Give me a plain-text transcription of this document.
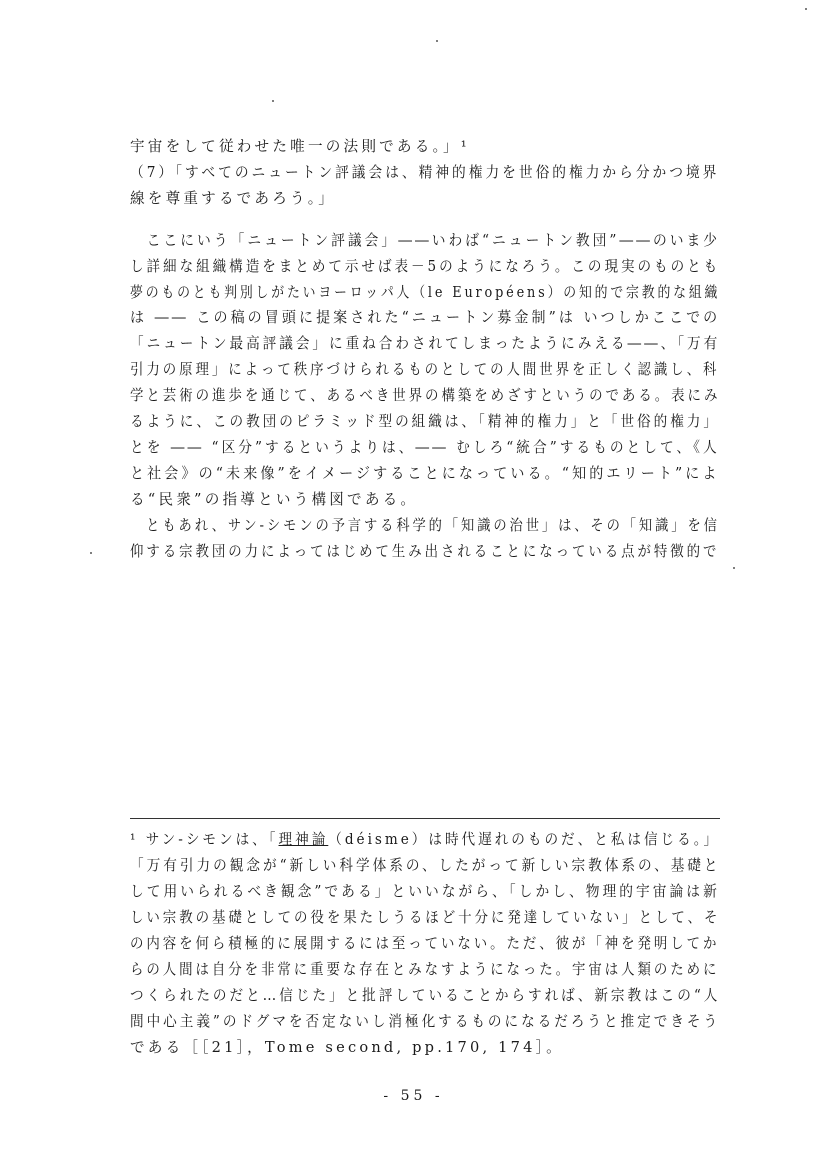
宇宙をして従わせた唯一の法則である。」¹
（7）「すべてのニュートン評議会は、精神的権力を世俗的権力から分かつ境界
線を尊重するであろう。」
　ここにいう「ニュートン評議会」――いわば“ニュートン教団”――のいま少
し詳細な組織構造をまとめて示せば表－5のようになろう。この現実のものとも
夢のものとも判別しがたいヨーロッパ人（le Européens）の知的で宗教的な組織
は ―― この稿の冒頭に提案された“ニュートン募金制”は いつしかここでの
「ニュートン最高評議会」に重ね合わされてしまったようにみえる――、「万有
引力の原理」によって秩序づけられるものとしての人間世界を正しく認識し、科
学と芸術の進歩を通じて、あるべき世界の構築をめざすというのである。表にみ
るように、この教団のピラミッド型の組織は、「精神的権力」と「世俗的権力」
とを ―― “区分”するというよりは、―― むしろ“統合”するものとして、《人
と社会》の“未来像”をイメージすることになっている。“知的エリート”によ
る“民衆”の指導という構図である。
　ともあれ、サン-シモンの予言する科学的「知識の治世」は、その「知識」を信
仰する宗教団の力によってはじめて生み出されることになっている点が特徴的で
¹ サン-シモンは、「理神論（déisme）は時代遅れのものだ、と私は信じる。」
「万有引力の観念が“新しい科学体系の、したがって新しい宗教体系の、基礎と
して用いられるべき観念”である」といいながら、「しかし、物理的宇宙論は新
しい宗教の基礎としての役を果たしうるほど十分に発達していない」として、そ
の内容を何ら積極的に展開するには至っていない。ただ、彼が「神を発明してか
らの人間は自分を非常に重要な存在とみなすようになった。宇宙は人類のために
つくられたのだと…信じた」と批評していることからすれば、新宗教はこの“人
間中心主義”のドグマを否定ないし消極化するものになるだろうと推定できそう
である［［21］，Tome second, pp.170, 174］。
- 55 -
